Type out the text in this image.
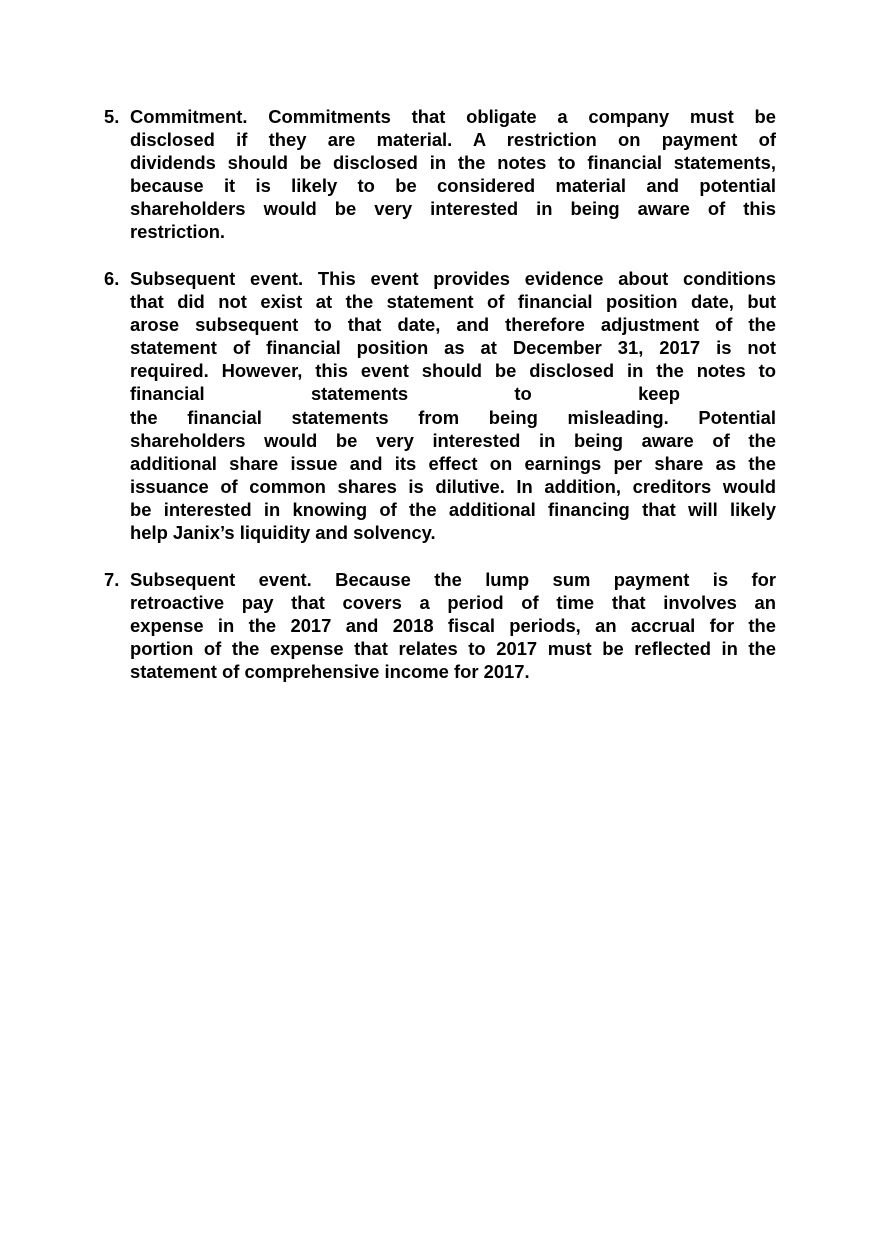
5. Commitment. Commitments that obligate a company must be
disclosed if they are material. A restriction on payment of
dividends should be disclosed in the notes to financial statements,
because it is likely to be considered material and potential
shareholders would be very interested in being aware of this
restriction.
6. Subsequent event. This event provides evidence about conditions
that did not exist at the statement of financial position date, but
arose subsequent to that date, and therefore adjustment of the
statement of financial position as at December 31, 2017 is not
required. However, this event should be disclosed in the notes to
financial statements to keep
the financial statements from being misleading. Potential
shareholders would be very interested in being aware of the
additional share issue and its effect on earnings per share as the
issuance of common shares is dilutive. In addition, creditors would
be interested in knowing of the additional financing that will likely
help Janix’s liquidity and solvency.
7. Subsequent event. Because the lump sum payment is for
retroactive pay that covers a period of time that involves an
expense in the 2017 and 2018 fiscal periods, an accrual for the
portion of the expense that relates to 2017 must be reflected in the
statement of comprehensive income for 2017.
